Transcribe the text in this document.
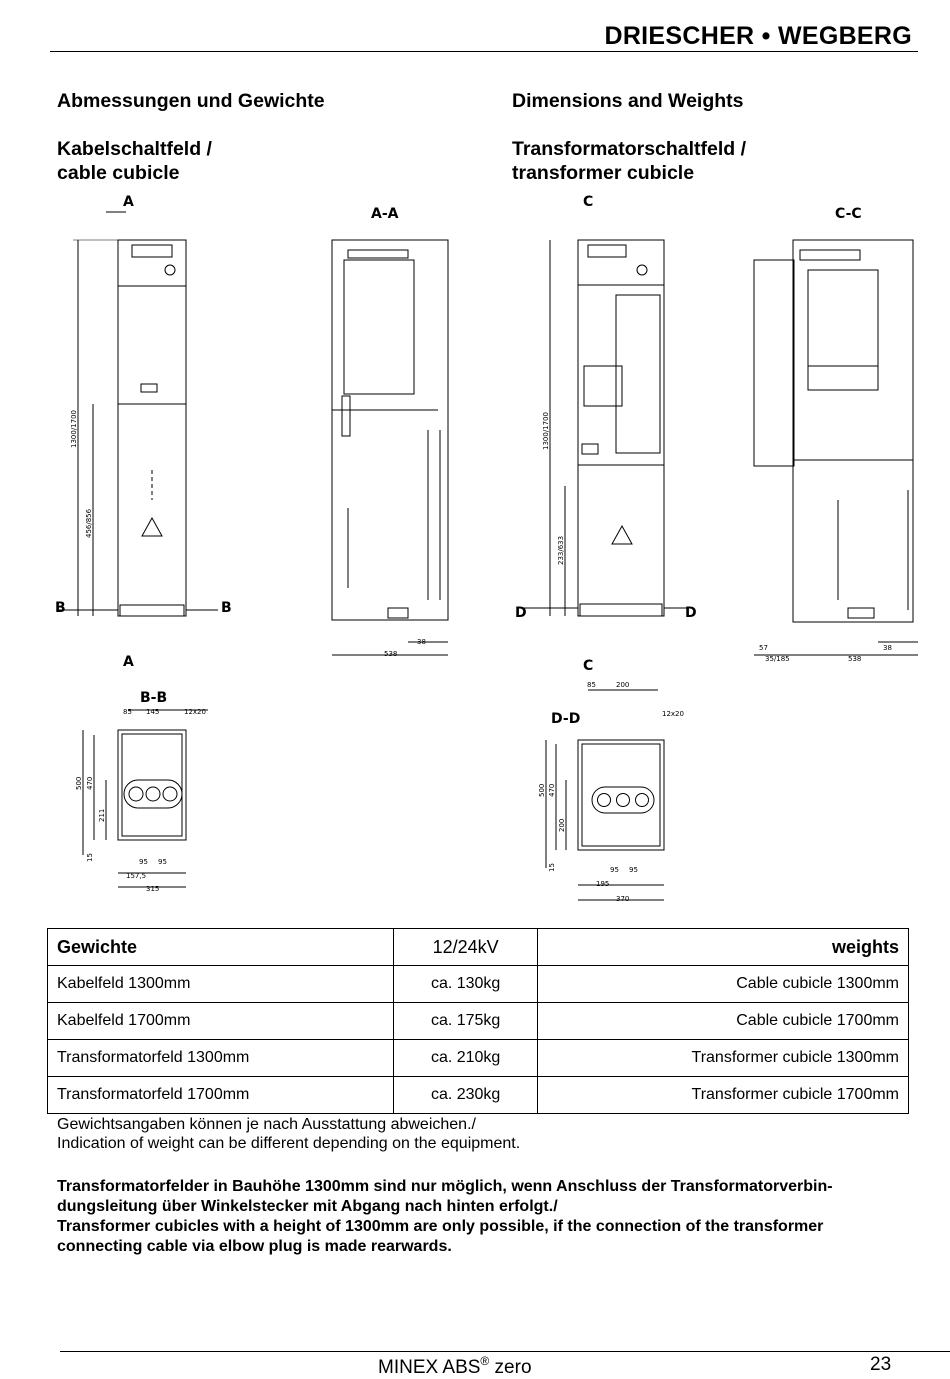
DRIESCHER • WEGBERG
Abmessungen und Gewichte	Dimensions and Weights
Kabelschaltfeld /
cable cubicle
Transformatorschaltfeld /
transformer cubicle
A
A
B	B
C
C
D	D
A-A	C-C
B-B
D-D
1300/1700
456/856
1300/1700
233/633
538
38
538
38
57
35/185
85 145	12x20
500 470
211
15	95 95
157,5
315
85	200
12x20
500 470
200
15	95 95
195
370
Gewichte	12/24kV	weights
Kabelfeld 1300mm	ca. 130kg	Cable cubicle 1300mm
Kabelfeld 1700mm	ca. 175kg	Cable cubicle 1700mm
Transformatorfeld 1300mm	ca. 210kg	Transformer cubicle 1300mm
Transformatorfeld 1700mm	ca. 230kg	Transformer cubicle 1700mm
Gewichtsangaben können je nach Ausstattung abweichen./
Indication of weight can be different depending on the equipment.
Transformatorfelder in Bauhöhe 1300mm sind nur möglich, wenn Anschluss der Transformatorverbin-
dungsleitung über Winkelstecker mit Abgang nach hinten erfolgt./
Transformer cubicles with a height of 1300mm are only possible, if the connection of the transformer
connecting cable via elbow plug is made rearwards.
MINEX ABS® zero	23
